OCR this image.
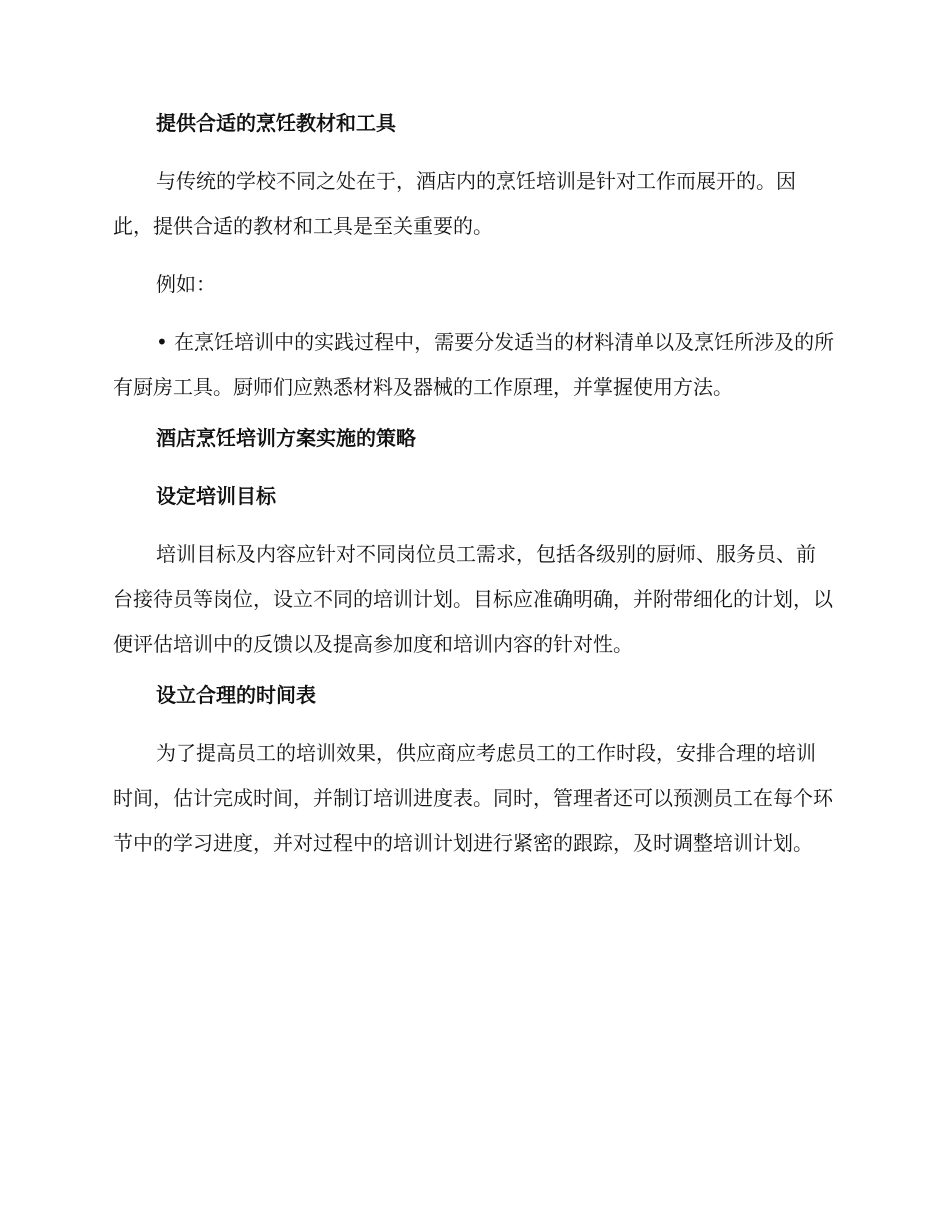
提供合适的烹饪教材和工具
与传统的学校不同之处在于，酒店内的烹饪培训是针对工作而展开的。因此，提供合适的教材和工具是至关重要的。
例如：
• 在烹饪培训中的实践过程中，需要分发适当的材料清单以及烹饪所涉及的所有厨房工具。厨师们应熟悉材料及器械的工作原理，并掌握使用方法。
酒店烹饪培训方案实施的策略
设定培训目标
培训目标及内容应针对不同岗位员工需求，包括各级别的厨师、服务员、前台接待员等岗位，设立不同的培训计划。目标应准确明确，并附带细化的计划，以便评估培训中的反馈以及提高参加度和培训内容的针对性。
设立合理的时间表
为了提高员工的培训效果，供应商应考虑员工的工作时段，安排合理的培训时间，估计完成时间，并制订培训进度表。同时，管理者还可以预测员工在每个环节中的学习进度，并对过程中的培训计划进行紧密的跟踪，及时调整培训计划。
